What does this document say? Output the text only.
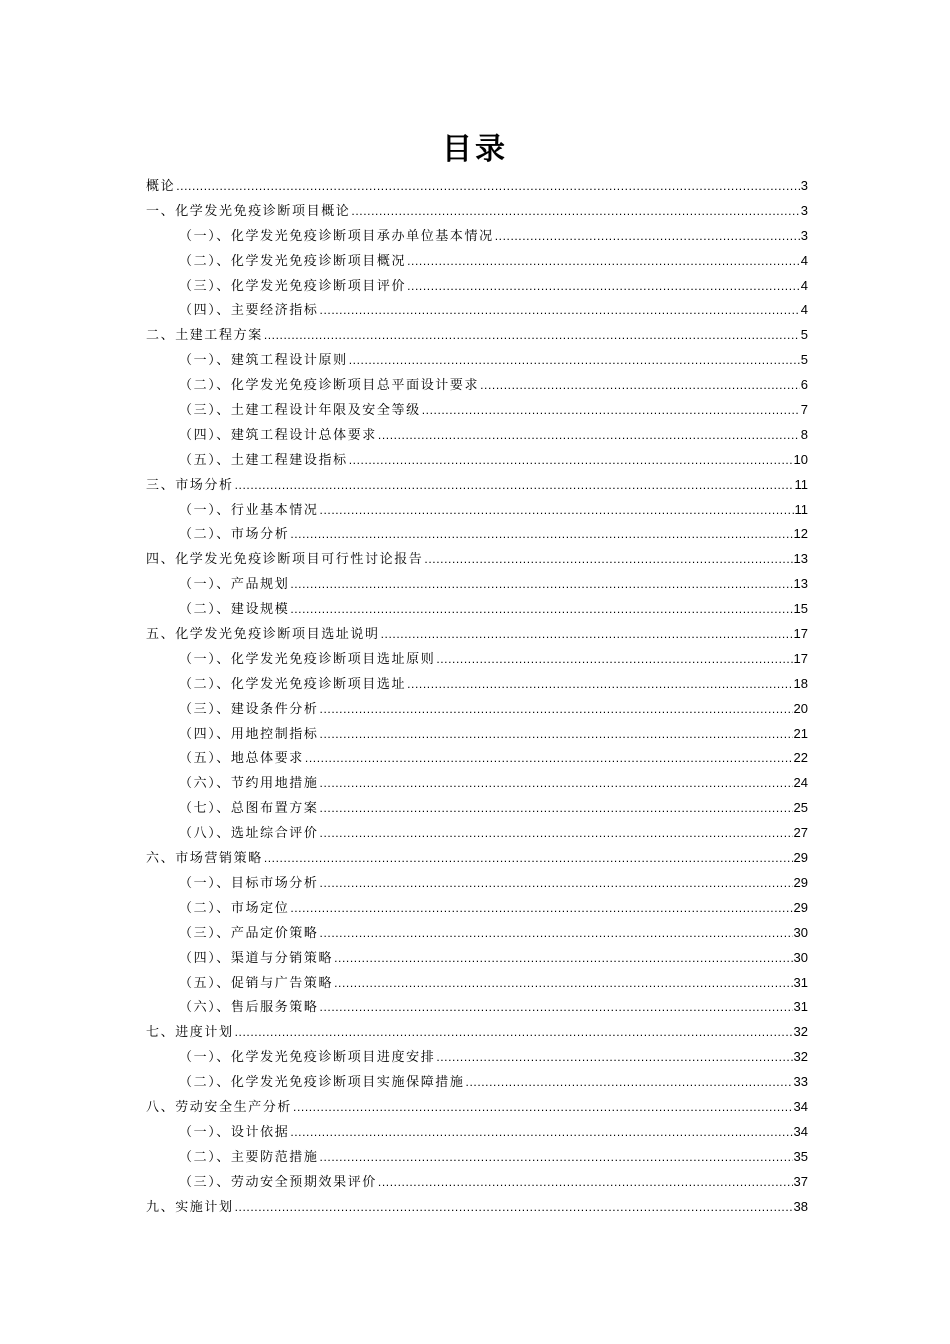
目录
概论 .....	3
一、化学发光免疫诊断项目概论 .....	3
（一）、化学发光免疫诊断项目承办单位基本情况 .....	3
（二）、化学发光免疫诊断项目概况 .....	4
（三）、化学发光免疫诊断项目评价 .....	4
（四）、主要经济指标 .....	4
二、土建工程方案 .....	5
（一）、建筑工程设计原则 .....	5
（二）、化学发光免疫诊断项目总平面设计要求 .....	6
（三）、土建工程设计年限及安全等级 .....	7
（四）、建筑工程设计总体要求 .....	8
（五）、土建工程建设指标 .....	10
三、市场分析 .....	11
（一）、行业基本情况 .....	11
（二）、市场分析 .....	12
四、化学发光免疫诊断项目可行性讨论报告 .....	13
（一）、产品规划 .....	13
（二）、建设规模 .....	15
五、化学发光免疫诊断项目选址说明 .....	17
（一）、化学发光免疫诊断项目选址原则 .....	17
（二）、化学发光免疫诊断项目选址 .....	18
（三）、建设条件分析 .....	20
（四）、用地控制指标 .....	21
（五）、地总体要求 .....	22
（六）、节约用地措施 .....	24
（七）、总图布置方案 .....	25
（八）、选址综合评价 .....	27
六、市场营销策略 .....	29
（一）、目标市场分析 .....	29
（二）、市场定位 .....	29
（三）、产品定价策略 .....	30
（四）、渠道与分销策略 .....	30
（五）、促销与广告策略 .....	31
（六）、售后服务策略 .....	31
七、进度计划 .....	32
（一）、化学发光免疫诊断项目进度安排 .....	32
（二）、化学发光免疫诊断项目实施保障措施 .....	33
八、劳动安全生产分析 .....	34
（一）、设计依据 .....	34
（二）、主要防范措施 .....	35
（三）、劳动安全预期效果评价 .....	37
九、实施计划 .....	38
